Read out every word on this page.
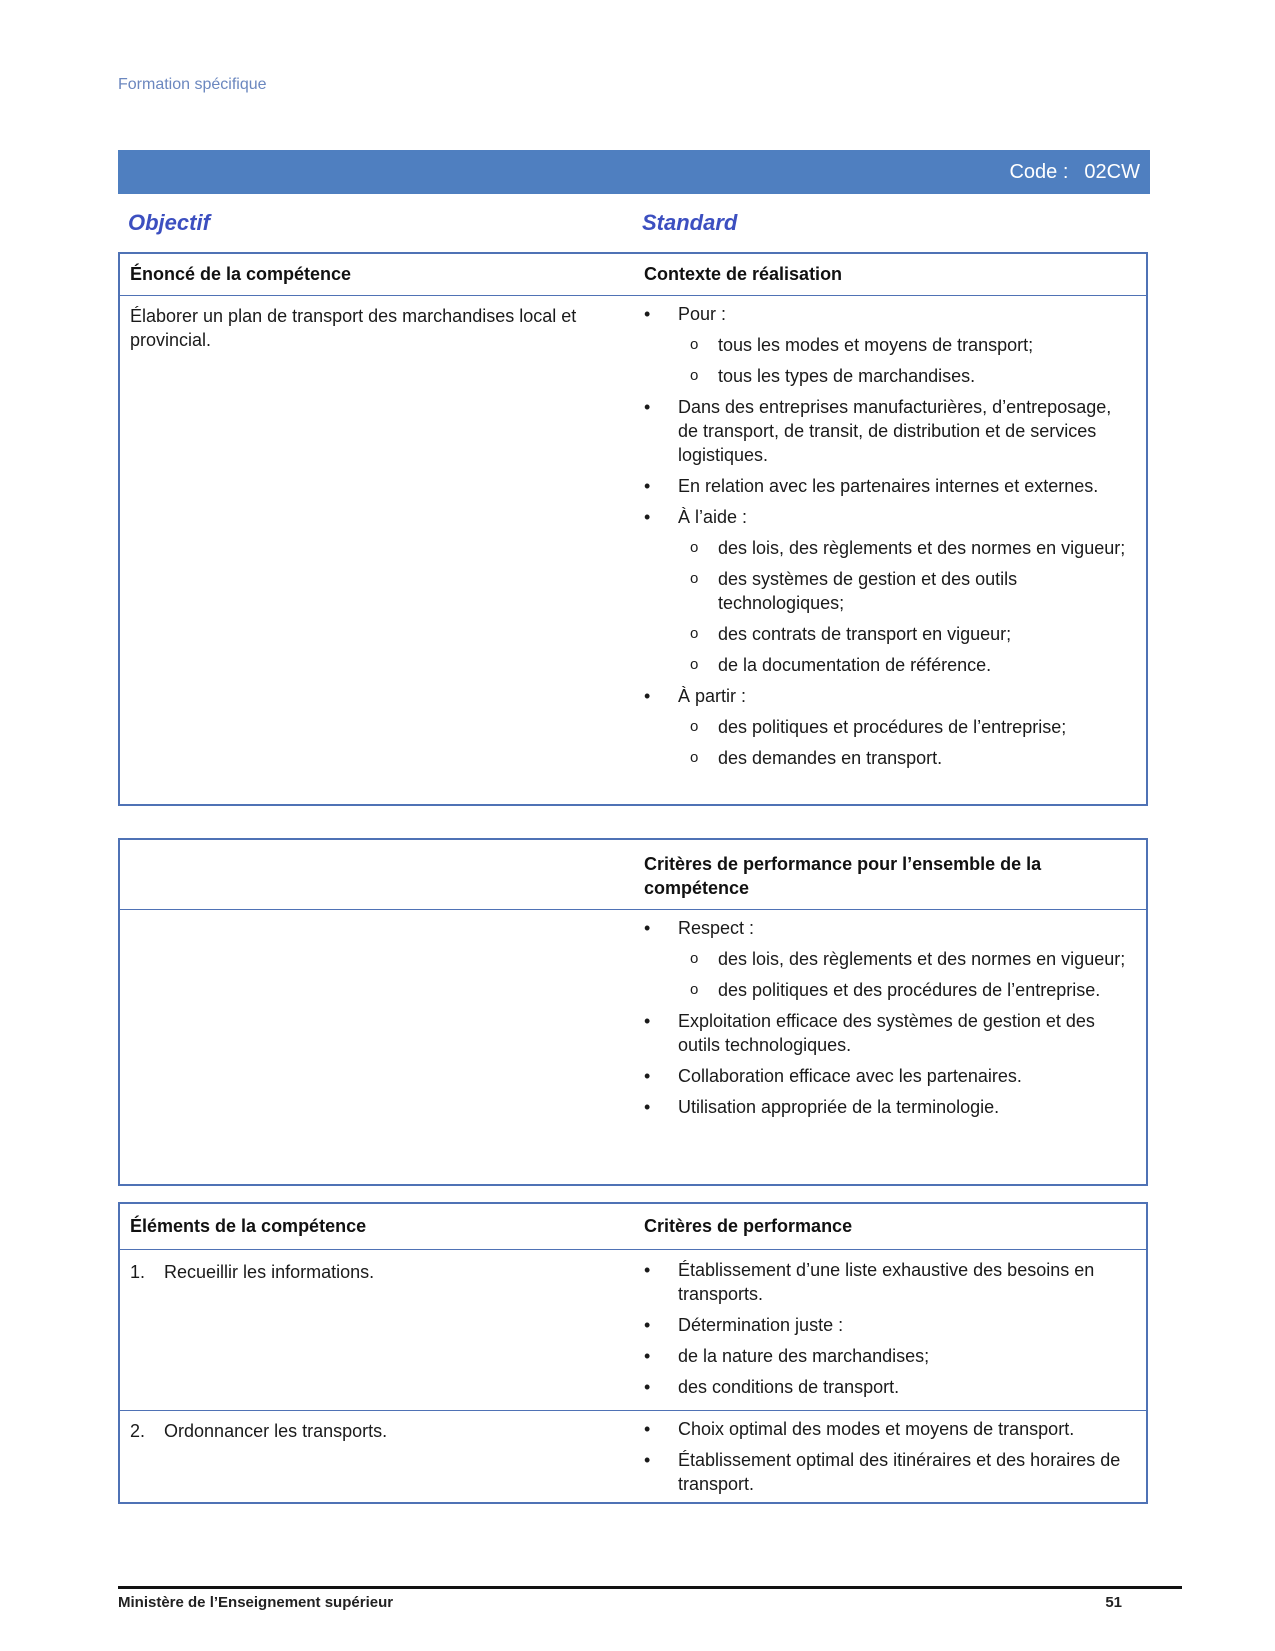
Formation spécifique
Code : 02CW
Objectif	Standard
Énoncé de la compétence	Contexte de réalisation
Élaborer un plan de transport des marchandises local et provincial.
• Pour :
o tous les modes et moyens de transport;
o tous les types de marchandises.
• Dans des entreprises manufacturières, d’entreposage, de transport, de transit, de distribution et de services logistiques.
• En relation avec les partenaires internes et externes.
• À l’aide :
o des lois, des règlements et des normes en vigueur;
o des systèmes de gestion et des outils technologiques;
o des contrats de transport en vigueur;
o de la documentation de référence.
• À partir :
o des politiques et procédures de l’entreprise;
o des demandes en transport.
Critères de performance pour l’ensemble de la compétence
• Respect :
o des lois, des règlements et des normes en vigueur;
o des politiques et des procédures de l’entreprise.
• Exploitation efficace des systèmes de gestion et des outils technologiques.
• Collaboration efficace avec les partenaires.
• Utilisation appropriée de la terminologie.
Éléments de la compétence	Critères de performance
1. Recueillir les informations.	• Établissement d’une liste exhaustive des besoins en transports.
• Détermination juste :
• de la nature des marchandises;
• des conditions de transport.
2. Ordonnancer les transports.	• Choix optimal des modes et moyens de transport.
• Établissement optimal des itinéraires et des horaires de transport.
Ministère de l’Enseignement supérieur	51
